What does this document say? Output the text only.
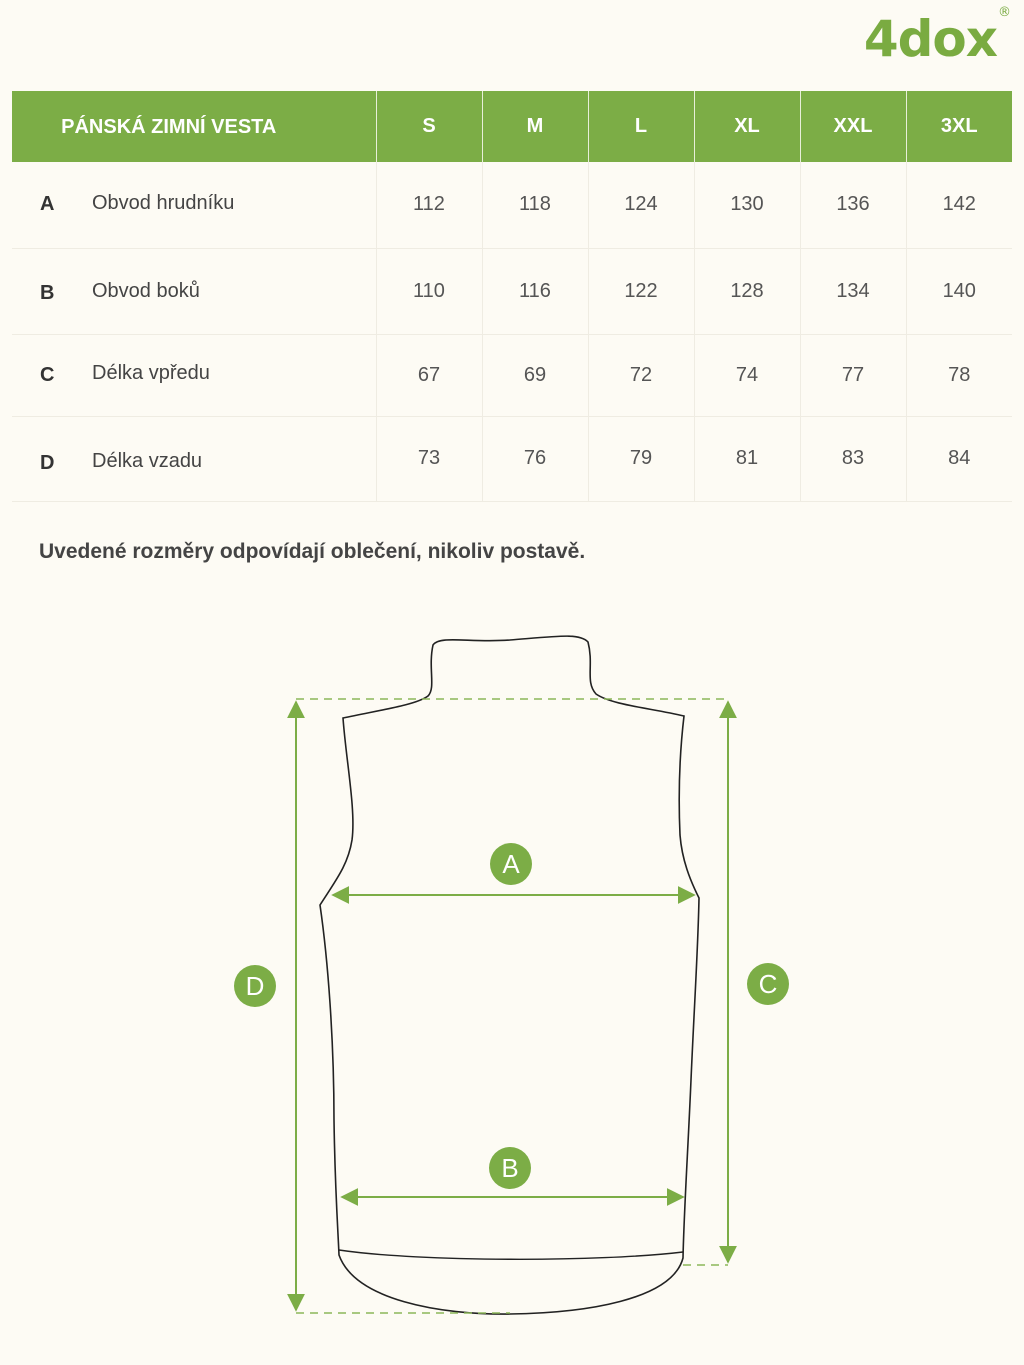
4dox®
PÁNSKÁ ZIMNÍ VESTA	S	M	L	XL	XXL	3XL

A Obvod hrudníku	112	118	124	130	136	142

B Obvod boků	110	116	122	128	134	140

C Délka vpředu	67	69	72	74	77	78

D Délka vzadu	73	76	79	81	83	84
Uvedené rozměry odpovídají oblečení, nikoliv postavě.
A
B
C
D
